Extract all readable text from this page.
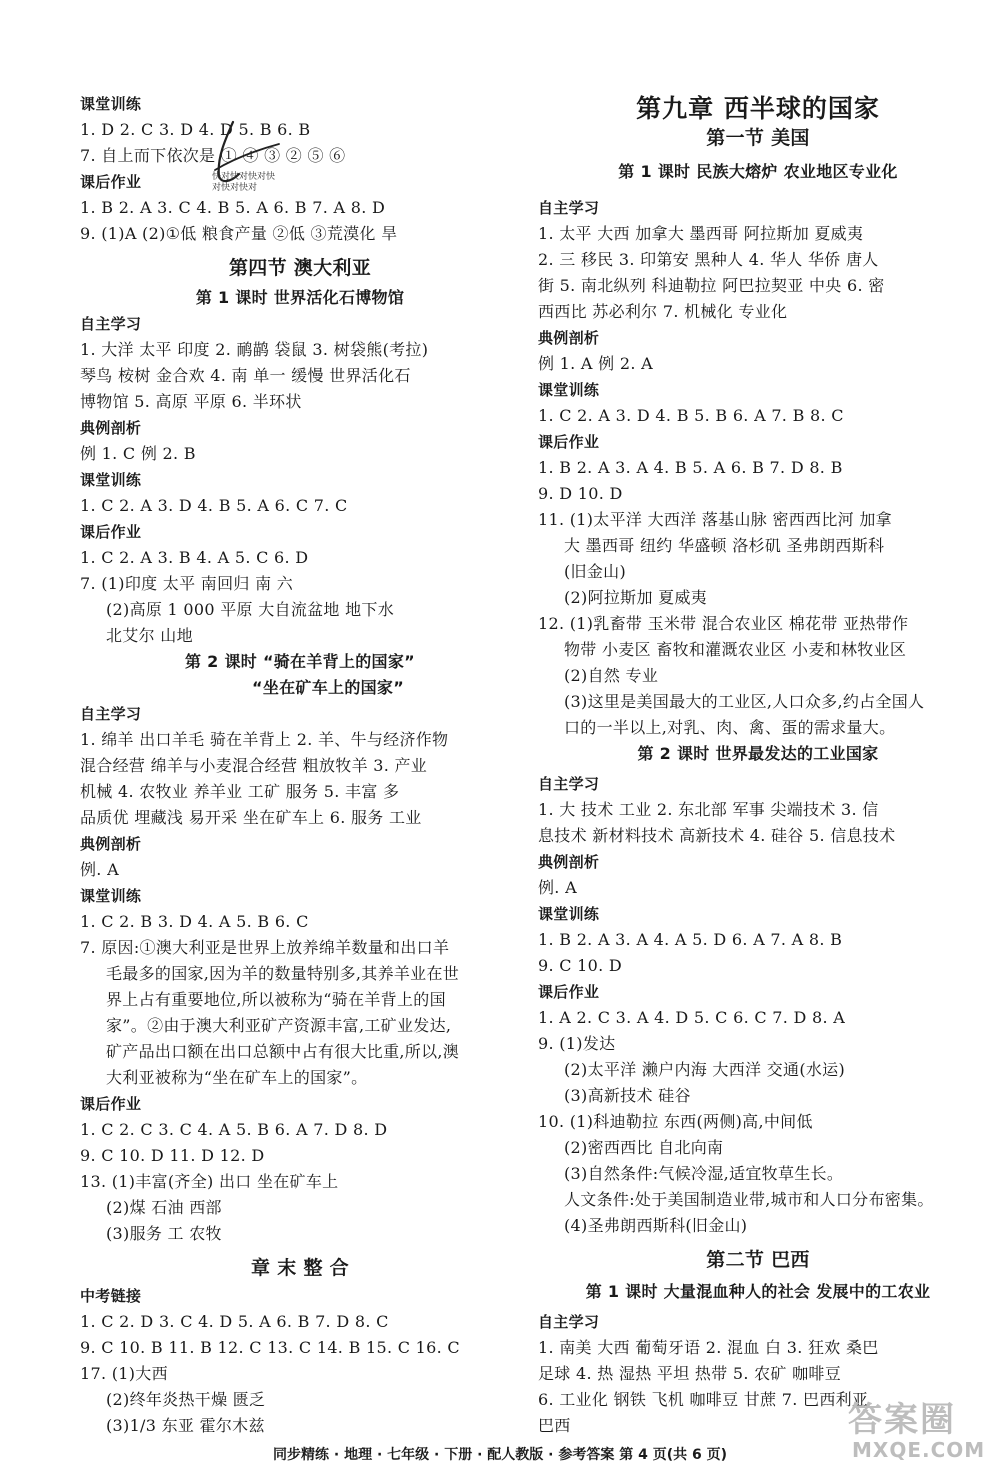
课堂训练
1. D 2. C 3. D 4. D 5. B 6. B
7. 自上而下依次是 ① ④ ③ ② ⑤ ⑥
课后作业
1. B 2. A 3. C 4. B 5. A 6. B 7. A 8. D
9. (1)A (2)①低 粮食产量 ②低 ③荒漠化 旱
第四节 澳大利亚
第 1 课时 世界活化石博物馆
自主学习
1. 大洋 太平 印度 2. 鸸鹋 袋鼠 3. 树袋熊(考拉)
琴鸟 桉树 金合欢 4. 南 单一 缓慢 世界活化石
博物馆 5. 高原 平原 6. 半环状
典例剖析
例 1. C 例 2. B
课堂训练
1. C 2. A 3. D 4. B 5. A 6. C 7. C
课后作业
1. C 2. A 3. B 4. A 5. C 6. D
7. (1)印度 太平 南回归 南 六
(2)高原 1 000 平原 大自流盆地 地下水
北艾尔 山地
第 2 课时 “骑在羊背上的国家”
“坐在矿车上的国家”
自主学习
1. 绵羊 出口羊毛 骑在羊背上 2. 羊、牛与经济作物
混合经营 绵羊与小麦混合经营 粗放牧羊 3. 产业
机械 4. 农牧业 养羊业 工矿 服务 5. 丰富 多
品质优 埋藏浅 易开采 坐在矿车上 6. 服务 工业
典例剖析
例. A
课堂训练
1. C 2. B 3. D 4. A 5. B 6. C
7. 原因:①澳大利亚是世界上放养绵羊数量和出口羊
毛最多的国家,因为羊的数量特别多,其养羊业在世
界上占有重要地位,所以被称为“骑在羊背上的国
家”。②由于澳大利亚矿产资源丰富,工矿业发达,
矿产品出口额在出口总额中占有很大比重,所以,澳
大利亚被称为“坐在矿车上的国家”。
课后作业
1. C 2. C 3. C 4. A 5. B 6. A 7. D 8. D
9. C 10. D 11. D 12. D
13. (1)丰富(齐全) 出口 坐在矿车上
(2)煤 石油 西部
(3)服务 工 农牧
章 末 整 合
中考链接
1. C 2. D 3. C 4. D 5. A 6. B 7. D 8. C
9. C 10. B 11. B 12. C 13. C 14. B 15. C 16. C
17. (1)大西
(2)终年炎热干燥 匮乏
(3)1/3 东亚 霍尔木兹
第九章 西半球的国家
第一节 美国
第 1 课时 民族大熔炉 农业地区专业化
自主学习
1. 太平 大西 加拿大 墨西哥 阿拉斯加 夏威夷
2. 三 移民 3. 印第安 黑种人 4. 华人 华侨 唐人
街 5. 南北纵列 科迪勒拉 阿巴拉契亚 中央 6. 密
西西比 苏必利尔 7. 机械化 专业化
典例剖析
例 1. A 例 2. A
课堂训练
1. C 2. A 3. D 4. B 5. B 6. A 7. B 8. C
课后作业
1. B 2. A 3. A 4. B 5. A 6. B 7. D 8. B
9. D 10. D
11. (1)太平洋 大西洋 落基山脉 密西西比河 加拿
大 墨西哥 纽约 华盛顿 洛杉矶 圣弗朗西斯科
(旧金山)
(2)阿拉斯加 夏威夷
12. (1)乳畜带 玉米带 混合农业区 棉花带 亚热带作
物带 小麦区 畜牧和灌溉农业区 小麦和林牧业区
(2)自然 专业
(3)这里是美国最大的工业区,人口众多,约占全国人
口的一半以上,对乳、肉、禽、蛋的需求量大。
第 2 课时 世界最发达的工业国家
自主学习
1. 大 技术 工业 2. 东北部 军事 尖端技术 3. 信
息技术 新材料技术 高新技术 4. 硅谷 5. 信息技术
典例剖析
例. A
课堂训练
1. B 2. A 3. A 4. A 5. D 6. A 7. A 8. B
9. C 10. D
课后作业
1. A 2. C 3. A 4. D 5. C 6. C 7. D 8. A
9. (1)发达
(2)太平洋 濑户内海 大西洋 交通(水运)
(3)高新技术 硅谷
10. (1)科迪勒拉 东西(两侧)高,中间低
(2)密西西比 自北向南
(3)自然条件:气候冷湿,适宜牧草生长。
人文条件:处于美国制造业带,城市和人口分布密集。
(4)圣弗朗西斯科(旧金山)
第二节 巴西
第 1 课时 大量混血种人的社会 发展中的工农业
自主学习
1. 南美 大西 葡萄牙语 2. 混血 白 3. 狂欢 桑巴
足球 4. 热 湿热 平坦 热带 5. 农矿 咖啡豆
6. 工业化 钢铁 飞机 咖啡豆 甘蔗 7. 巴西利亚
巴西
快对快对快对快对快对快对
答案圈
MXQE.COM
同步精练 · 地理 · 七年级 · 下册 · 配人教版 · 参考答案 第 4 页(共 6 页)
